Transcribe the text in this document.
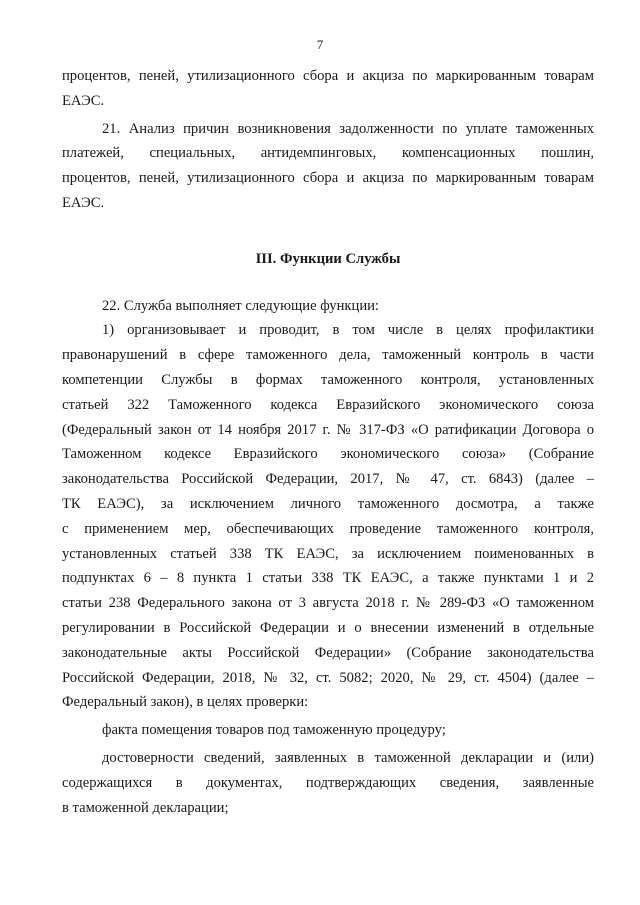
7
процентов, пеней, утилизационного сбора и акциза по маркированным товарам
ЕАЭС.
21. Анализ причин возникновения задолженности по уплате таможенных
платежей, специальных, антидемпинговых, компенсационных пошлин,
процентов, пеней, утилизационного сбора и акциза по маркированным товарам
ЕАЭС.
III. Функции Службы
22. Служба выполняет следующие функции:
1) организовывает и проводит, в том числе в целях профилактики
правонарушений в сфере таможенного дела, таможенный контроль в части
компетенции Службы в формах таможенного контроля, установленных
статьей 322 Таможенного кодекса Евразийского экономического союза
(Федеральный закон от 14 ноября 2017 г. № 317-ФЗ «О ратификации Договора о
Таможенном кодексе Евразийского экономического союза» (Собрание
законодательства Российской Федерации, 2017, № 47, ст. 6843) (далее –
ТК ЕАЭС), за исключением личного таможенного досмотра, а также
с применением мер, обеспечивающих проведение таможенного контроля,
установленных статьей 338 ТК ЕАЭС, за исключением поименованных в
подпунктах 6 – 8 пункта 1 статьи 338 ТК ЕАЭС, а также пунктами 1 и 2
статьи 238 Федерального закона от 3 августа 2018 г. № 289-ФЗ «О таможенном
регулировании в Российской Федерации и о внесении изменений в отдельные
законодательные акты Российской Федерации» (Собрание законодательства
Российской Федерации, 2018, № 32, ст. 5082; 2020, № 29, ст. 4504) (далее –
Федеральный закон), в целях проверки:
факта помещения товаров под таможенную процедуру;
достоверности сведений, заявленных в таможенной декларации и (или)
содержащихся в документах, подтверждающих сведения, заявленные
в таможенной декларации;
